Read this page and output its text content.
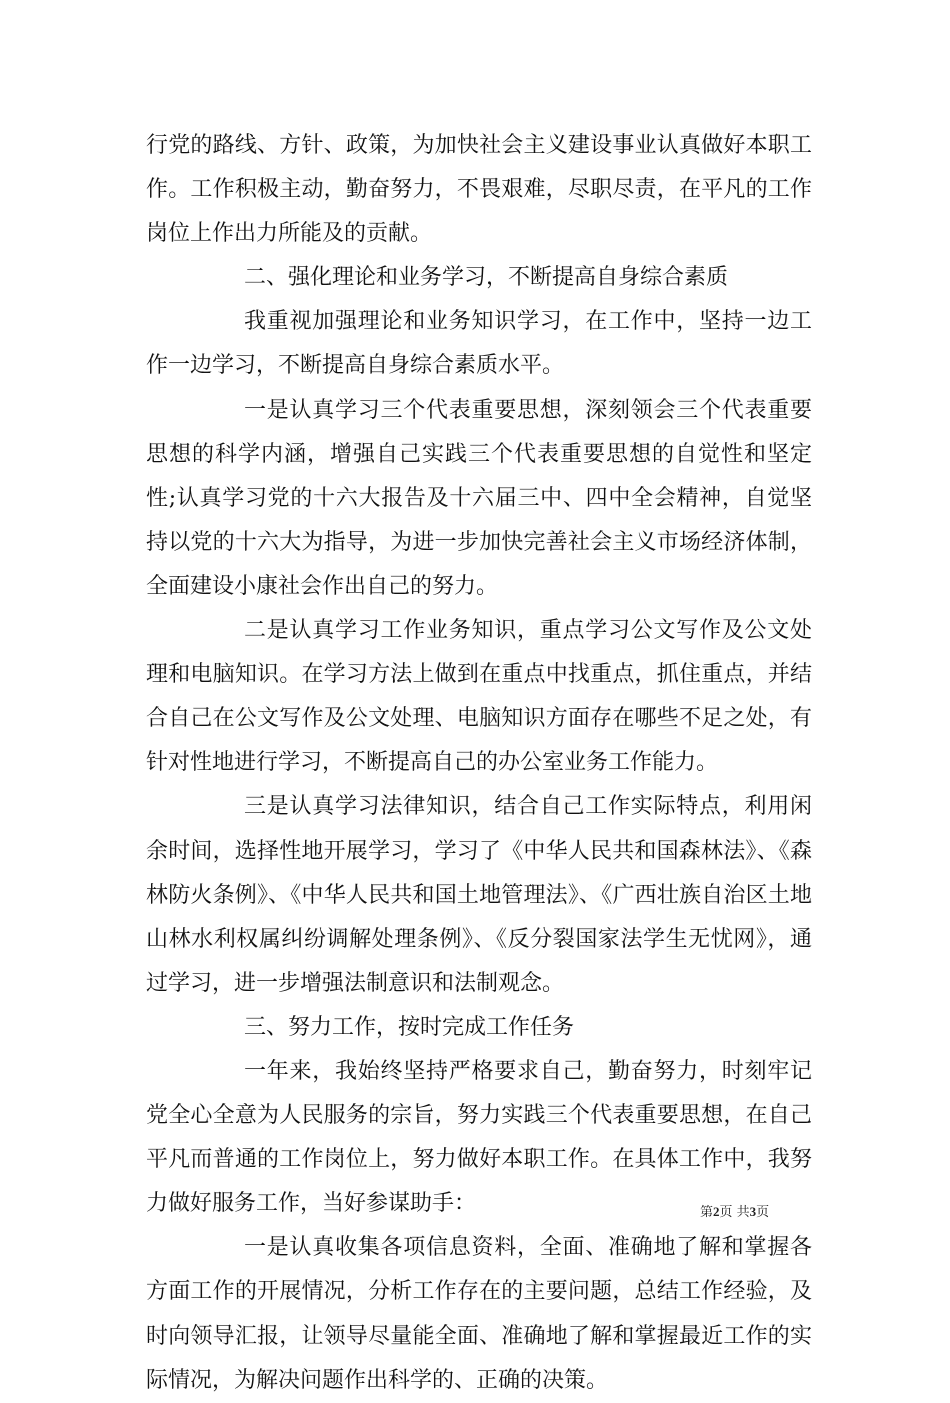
行党的路线、方针、政策，为加快社会主义建设事业认真做好本职工作。工作积极主动，勤奋努力，不畏艰难，尽职尽责，在平凡的工作岗位上作出力所能及的贡献。

二、强化理论和业务学习，不断提高自身综合素质

我重视加强理论和业务知识学习，在工作中，坚持一边工作一边学习，不断提高自身综合素质水平。

一是认真学习三个代表重要思想，深刻领会三个代表重要思想的科学内涵，增强自己实践三个代表重要思想的自觉性和坚定性;认真学习党的十六大报告及十六届三中、四中全会精神，自觉坚持以党的十六大为指导，为进一步加快完善社会主义市场经济体制，全面建设小康社会作出自己的努力。

二是认真学习工作业务知识，重点学习公文写作及公文处理和电脑知识。在学习方法上做到在重点中找重点，抓住重点，并结合自己在公文写作及公文处理、电脑知识方面存在哪些不足之处，有针对性地进行学习，不断提高自己的办公室业务工作能力。

三是认真学习法律知识，结合自己工作实际特点，利用闲余时间，选择性地开展学习，学习了《中华人民共和国森林法》、《森林防火条例》、《中华人民共和国土地管理法》、《广西壮族自治区土地山林水利权属纠纷调解处理条例》、《反分裂国家法学生无忧网》，通过学习，进一步增强法制意识和法制观念。

三、努力工作，按时完成工作任务

一年来，我始终坚持严格要求自己，勤奋努力，时刻牢记党全心全意为人民服务的宗旨，努力实践三个代表重要思想，在自己平凡而普通的工作岗位上，努力做好本职工作。在具体工作中，我努力做好服务工作，当好参谋助手：

一是认真收集各项信息资料，全面、准确地了解和掌握各方面工作的开展情况，分析工作存在的主要问题，总结工作经验，及时向领导汇报，让领导尽量能全面、准确地了解和掌握最近工作的实际情况，为解决问题作出科学的、正确的决策。

第2页 共3页
